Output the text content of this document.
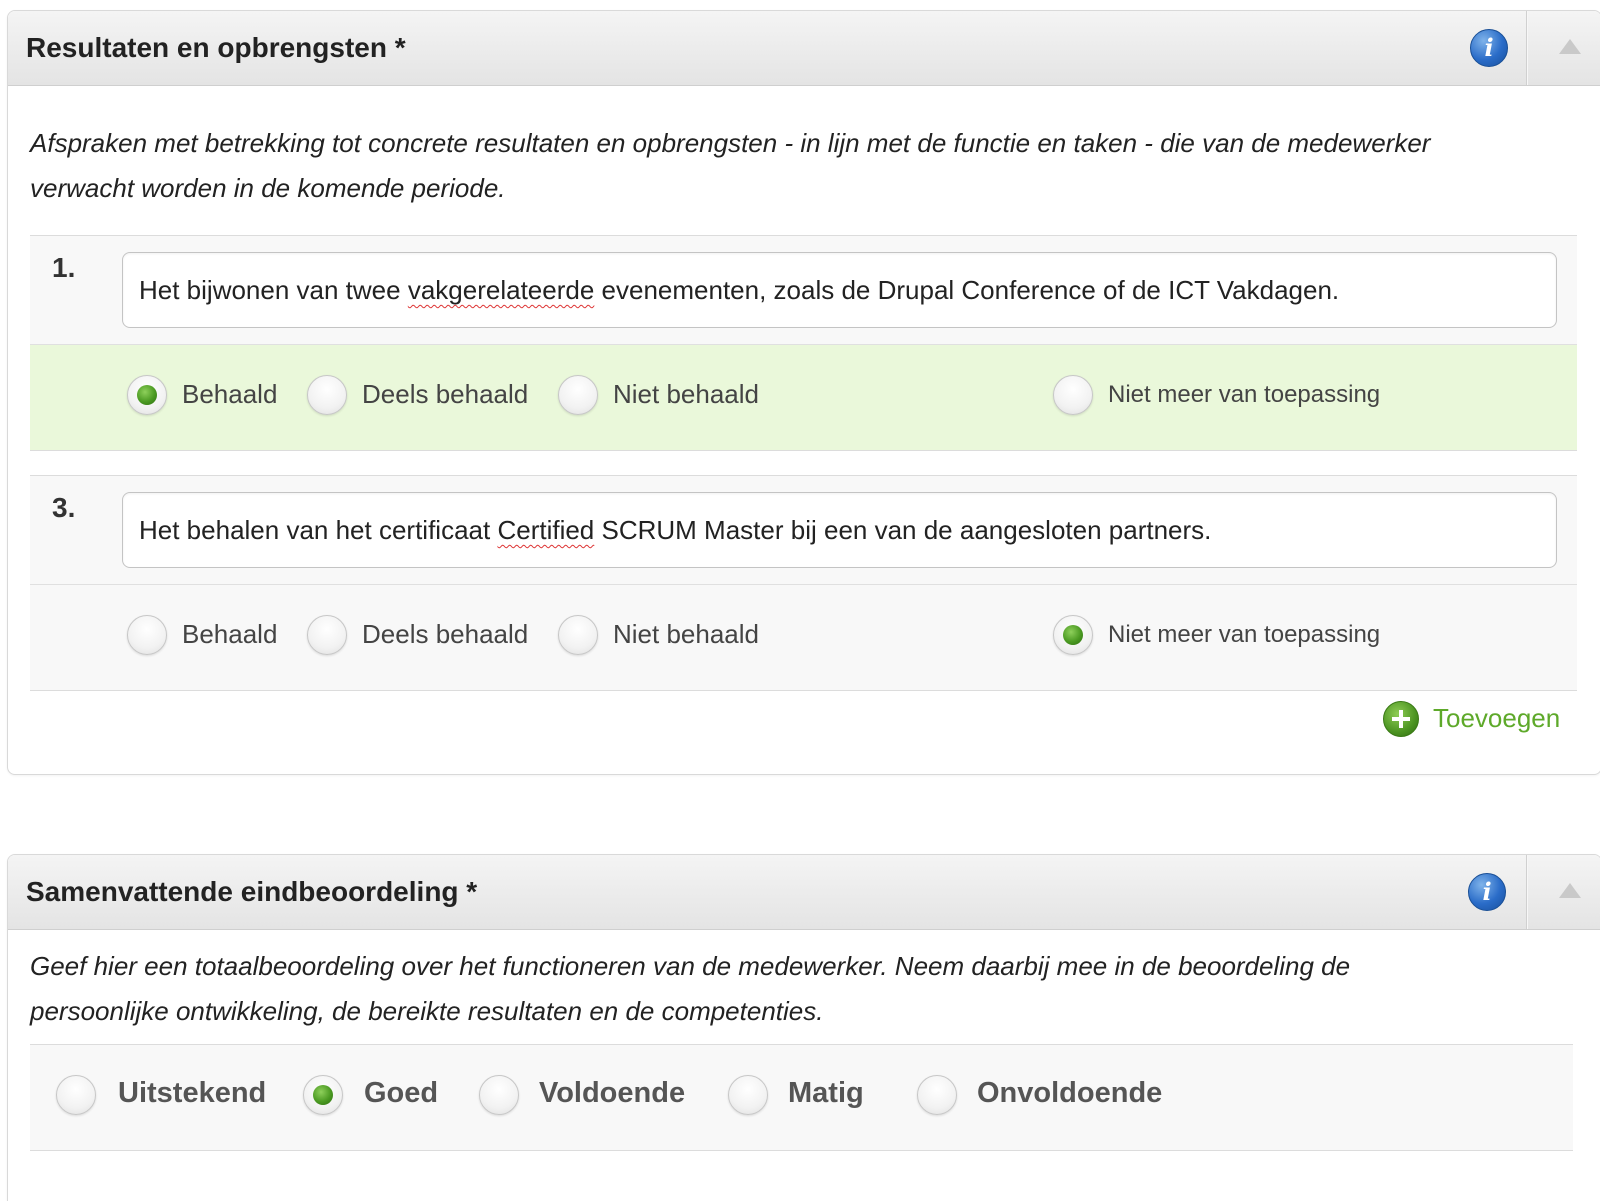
Resultaten en opbrengsten *	i
Afspraken met betrekking tot concrete resultaten en opbrengsten - in lijn met de functie en taken - die van de medewerker verwacht worden in de komende periode.
1.
Het bijwonen van twee vakgerelateerde evenementen, zoals de Drupal Conference of de ICT Vakdagen.
Behaald	Deels behaald	Niet behaald	Niet meer van toepassing
3.
Het behalen van het certificaat Certified SCRUM Master bij een van de aangesloten partners.
Behaald	Deels behaald	Niet behaald	Niet meer van toepassing
Toevoegen
Samenvattende eindbeoordeling *	i
Geef hier een totaalbeoordeling over het functioneren van de medewerker. Neem daarbij mee in de beoordeling de persoonlijke ontwikkeling, de bereikte resultaten en de competenties.
Uitstekend	Goed	Voldoende	Matig	Onvoldoende
